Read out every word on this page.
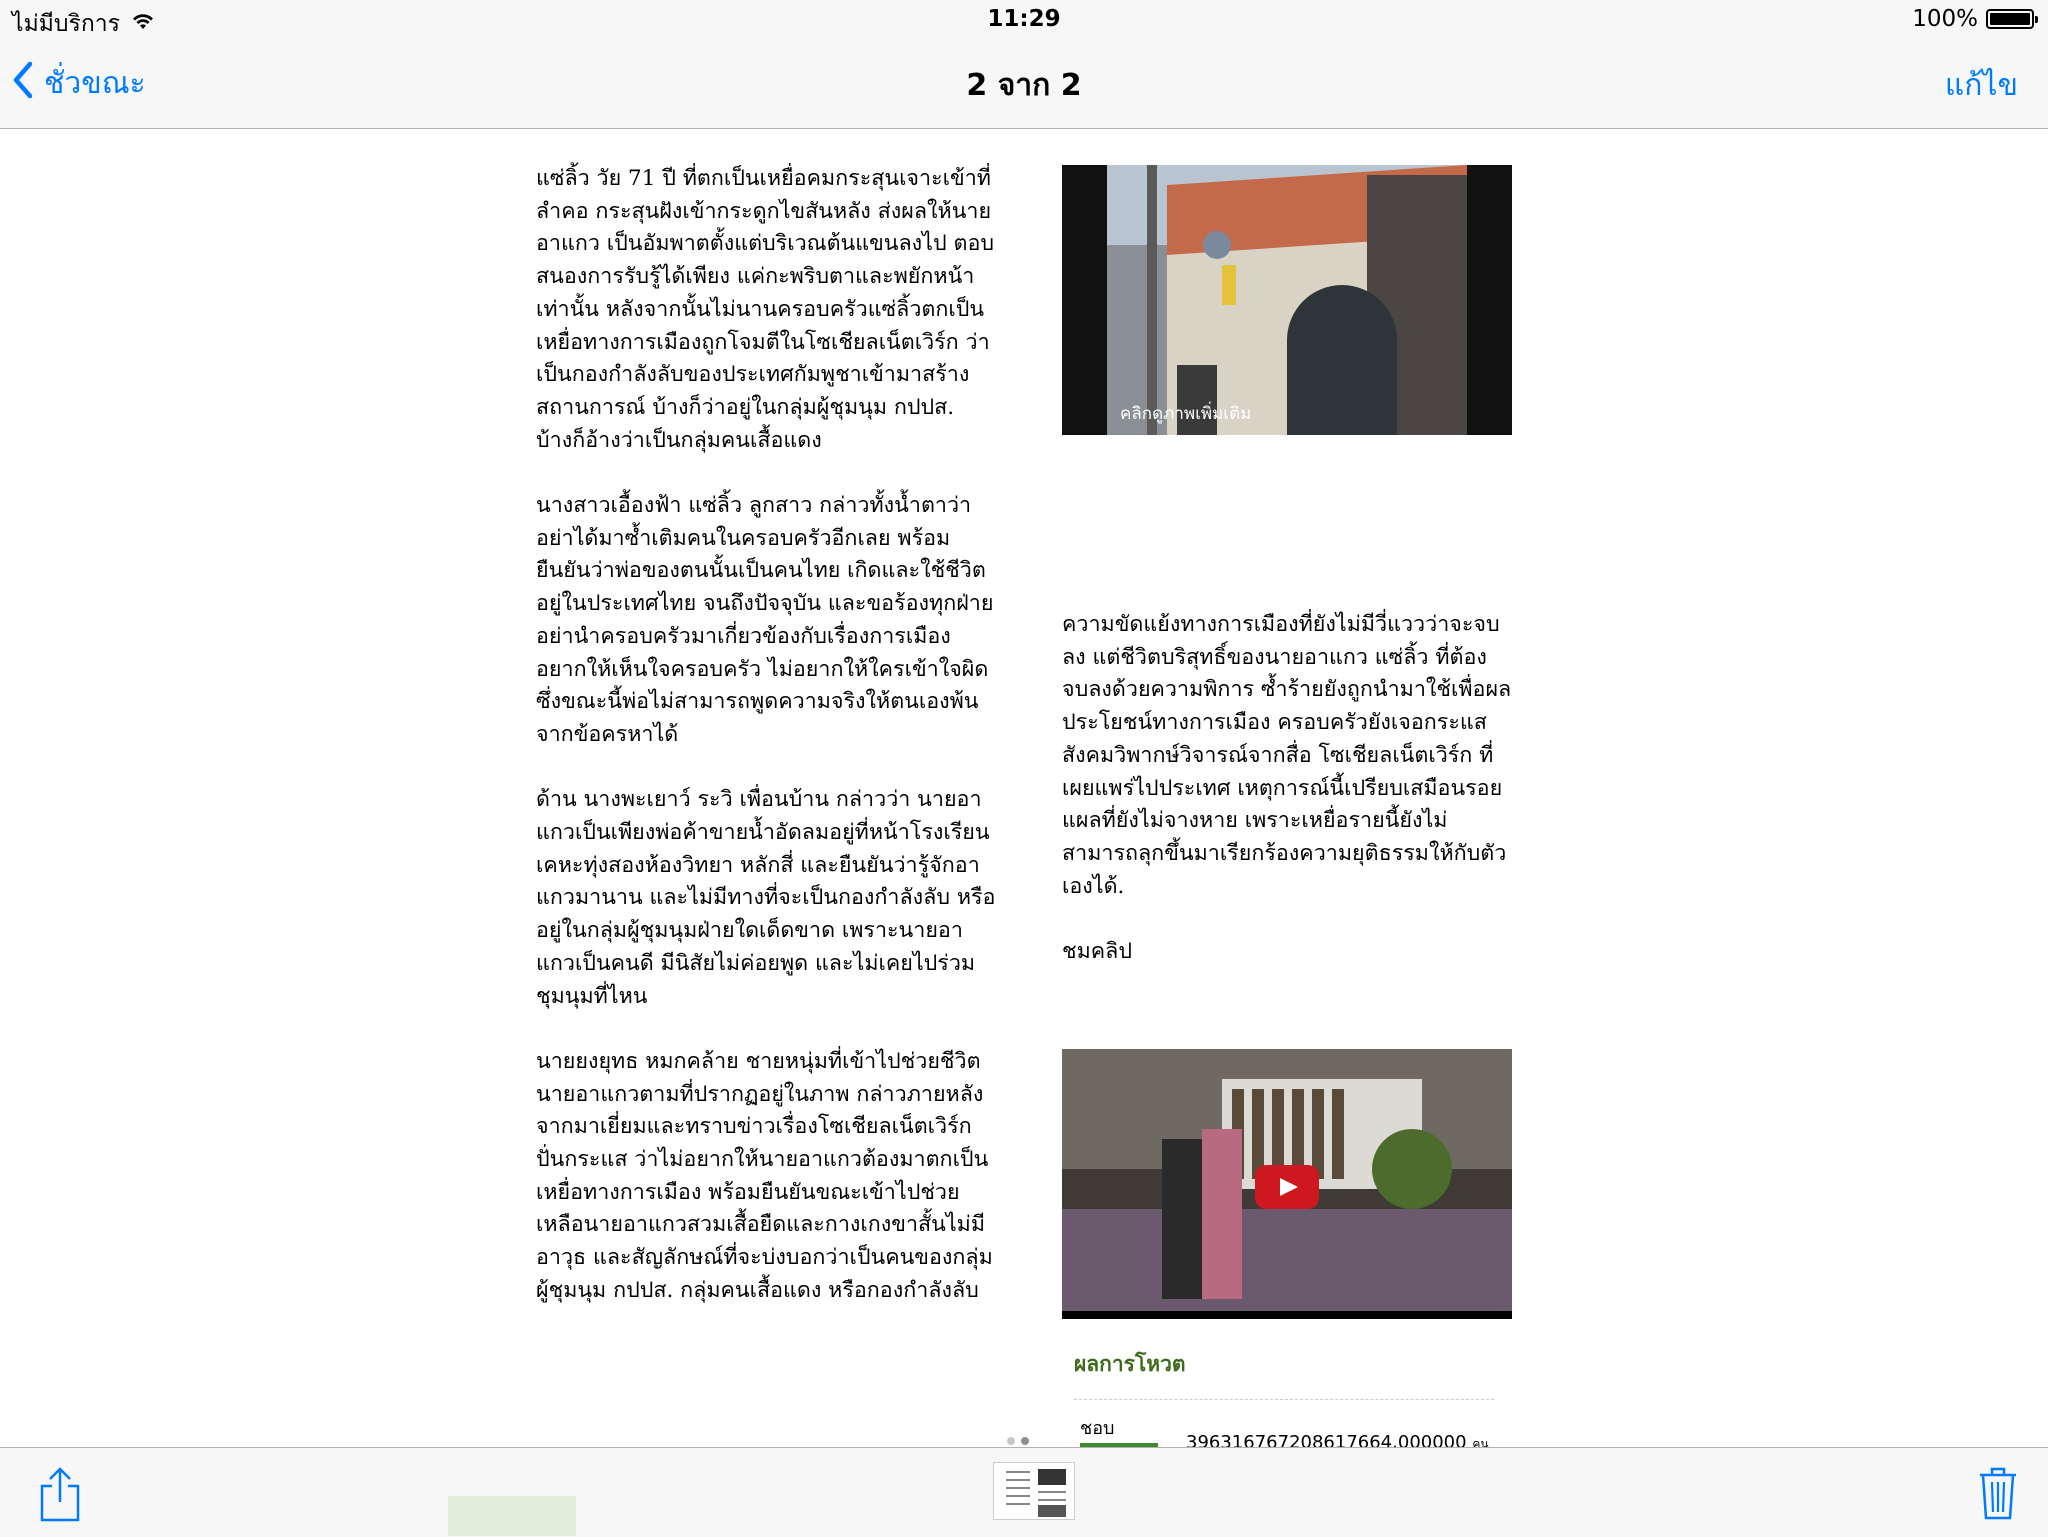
ไม่มีบริการ	11:29	100%
ชั่วขณะ	2 จาก 2	แก้ไข

แซ่ลิ้ว วัย 71 ปี ที่ตกเป็นเหยื่อคมกระสุนเจาะเข้าที่ลำคอ กระสุนฝังเข้ากระดูกไขสันหลัง ส่งผลให้นายอาแกว เป็นอัมพาตตั้งแต่บริเวณต้นแขนลงไป ตอบสนองการรับรู้ได้เพียง แค่กะพริบตาและพยักหน้าเท่านั้น หลังจากนั้นไม่นานครอบครัวแซ่ลิ้วตกเป็นเหยื่อทางการเมืองถูกโจมตีในโซเชียลเน็ตเวิร์ก ว่าเป็นกองกำลังลับของประเทศกัมพูชาเข้ามาสร้างสถานการณ์ บ้างก็ว่าอยู่ในกลุ่มผู้ชุมนุม กปปส. บ้างก็อ้างว่าเป็นกลุ่มคนเสื้อแดง

นางสาวเอื้องฟ้า แซ่ลิ้ว ลูกสาว กล่าวทั้งน้ำตาว่า อย่าได้มาซ้ำเติมคนในครอบครัวอีกเลย พร้อมยืนยันว่าพ่อของตนนั้นเป็นคนไทย เกิดและใช้ชีวิตอยู่ในประเทศไทย จนถึงปัจจุบัน และขอร้องทุกฝ่ายอย่านำครอบครัวมาเกี่ยวข้องกับเรื่องการเมือง อยากให้เห็นใจครอบครัว ไม่อยากให้ใครเข้าใจผิด ซึ่งขณะนี้พ่อไม่สามารถพูดความจริงให้ตนเองพ้นจากข้อครหาได้

ด้าน นางพะเยาว์ ระวิ เพื่อนบ้าน กล่าวว่า นายอาแกวเป็นเพียงพ่อค้าขายน้ำอัดลมอยู่ที่หน้าโรงเรียน เคหะทุ่งสองห้องวิทยา หลักสี่ และยืนยันว่ารู้จักอาแกวมานาน และไม่มีทางที่จะเป็นกองกำลังลับ หรืออยู่ในกลุ่มผู้ชุมนุมฝ่ายใดเด็ดขาด เพราะนายอาแกวเป็นคนดี มีนิสัยไม่ค่อยพูด และไม่เคยไปร่วมชุมนุมที่ไหน

นายยงยุทธ หมกคล้าย ชายหนุ่มที่เข้าไปช่วยชีวิตนายอาแกวตามที่ปรากฏอยู่ในภาพ กล่าวภายหลังจากมาเยี่ยมและทราบข่าวเรื่องโซเชียลเน็ตเวิร์กปั่นกระแส ว่าไม่อยากให้นายอาแกวต้องมาตกเป็นเหยื่อทางการเมือง พร้อมยืนยันขณะเข้าไปช่วยเหลือนายอาแกวสวมเสื้อยืดและกางเกงขาสั้นไม่มีอาวุธ และสัญลักษณ์ที่จะบ่งบอกว่าเป็นคนของกลุ่มผู้ชุมนุม กปปส. กลุ่มคนเสื้อแดง หรือกองกำลังลับ

คลิกดูภาพเพิ่มเติม

ความขัดแย้งทางการเมืองที่ยังไม่มีวี่แววว่าจะจบลง แต่ชีวิตบริสุทธิ์ของนายอาแกว แซ่ลิ้ว ที่ต้องจบลงด้วยความพิการ ซ้ำร้ายยังถูกนำมาใช้เพื่อผลประโยชน์ทางการเมือง ครอบครัวยังเจอกระแสสังคมวิพากษ์วิจารณ์จากสื่อ โซเชียลเน็ตเวิร์ก ที่เผยแพร่ไปประเทศ เหตุการณ์นี้เปรียบเสมือนรอยแผลที่ยังไม่จางหาย เพราะเหยื่อรายนี้ยังไม่สามารถลุกขึ้นมาเรียกร้องความยุติธรรมให้กับตัวเองได้.

ชมคลิป

ผลการโหวต
ชอบ
396316767208617664.000000 คน
